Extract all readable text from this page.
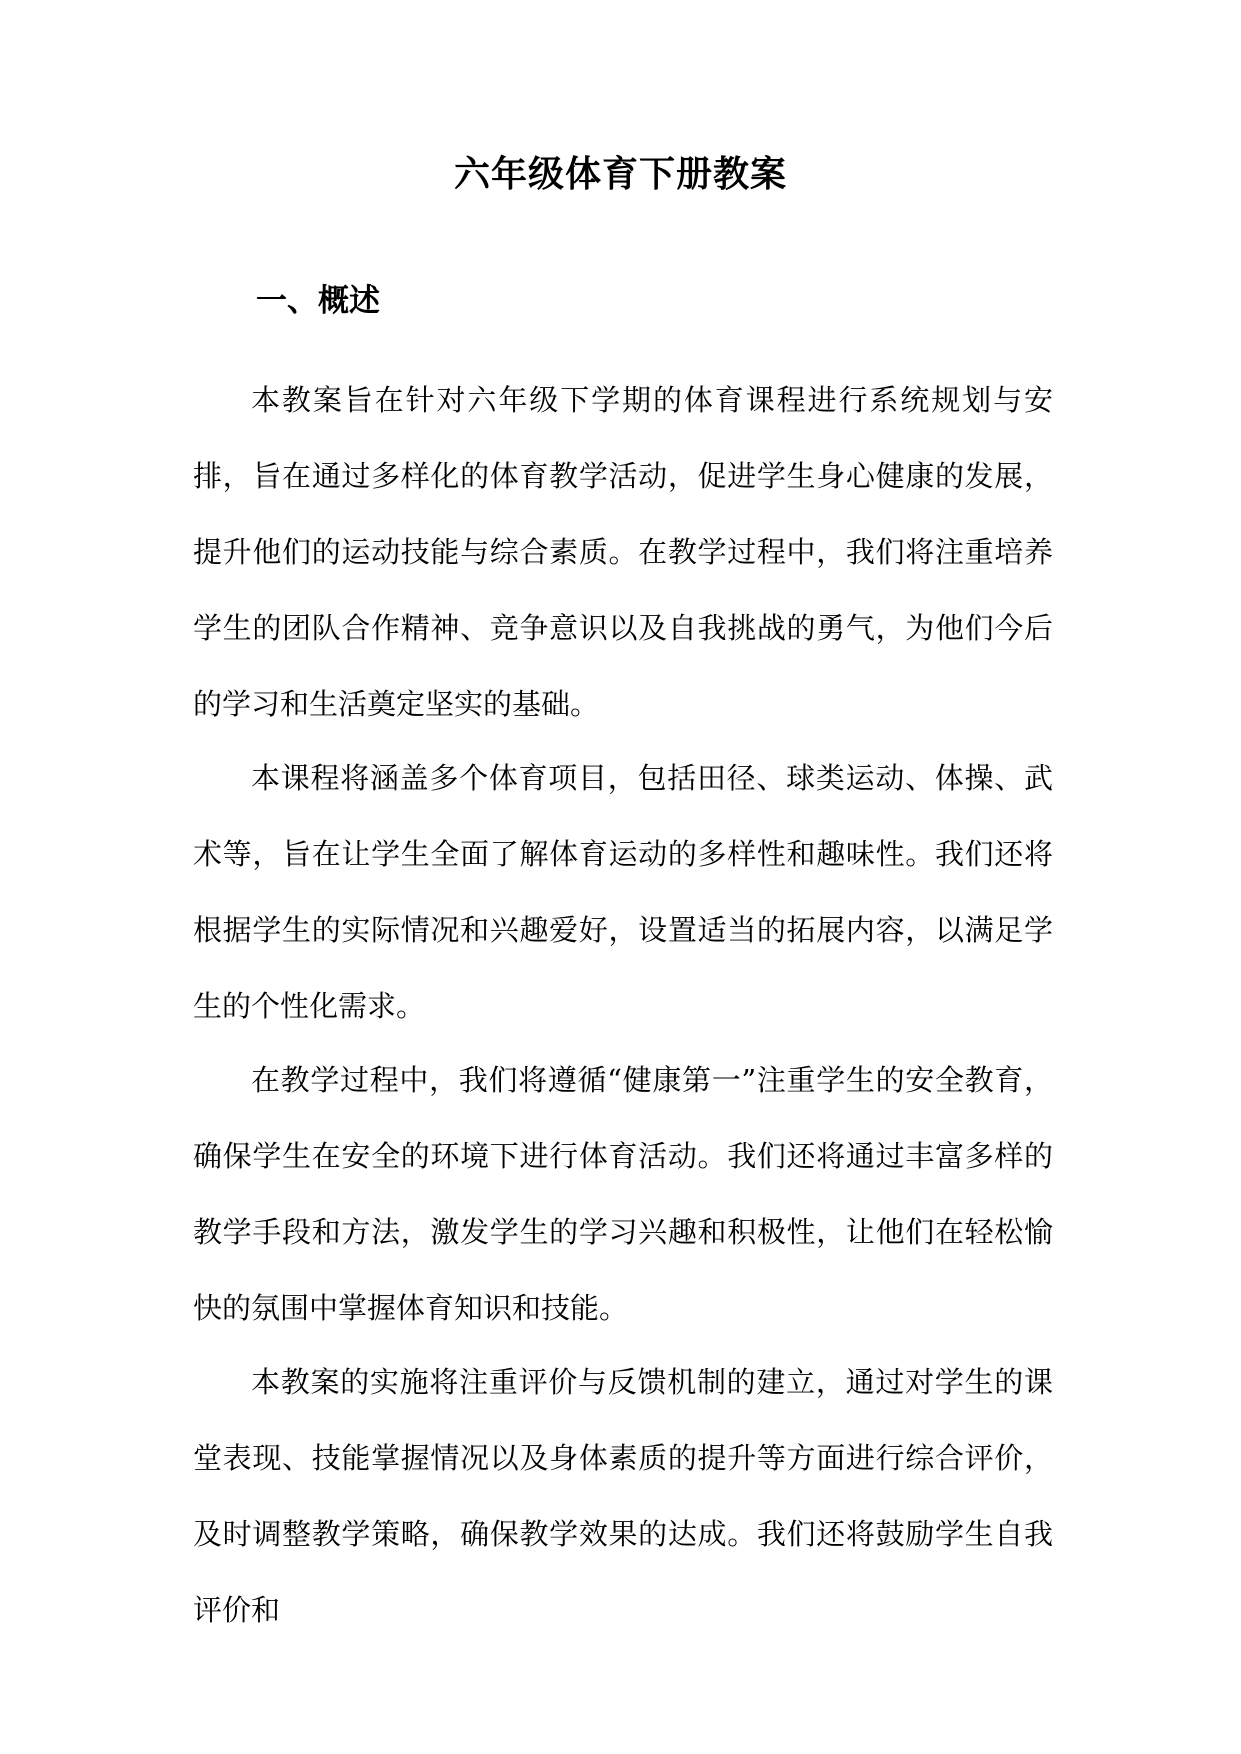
六年级体育下册教案
一、概述

本教案旨在针对六年级下学期的体育课程进行系统规划与安排，旨在通过多样化的体育教学活动，促进学生身心健康的发展，提升他们的运动技能与综合素质。在教学过程中，我们将注重培养学生的团队合作精神、竞争意识以及自我挑战的勇气，为他们今后的学习和生活奠定坚实的基础。

本课程将涵盖多个体育项目，包括田径、球类运动、体操、武术等，旨在让学生全面了解体育运动的多样性和趣味性。我们还将根据学生的实际情况和兴趣爱好，设置适当的拓展内容，以满足学生的个性化需求。

在教学过程中，我们将遵循“健康第一”注重学生的安全教育，确保学生在安全的环境下进行体育活动。我们还将通过丰富多样的教学手段和方法，激发学生的学习兴趣和积极性，让他们在轻松愉快的氛围中掌握体育知识和技能。

本教案的实施将注重评价与反馈机制的建立，通过对学生的课堂表现、技能掌握情况以及身体素质的提升等方面进行综合评价，及时调整教学策略，确保教学效果的达成。我们还将鼓励学生自我评价和
